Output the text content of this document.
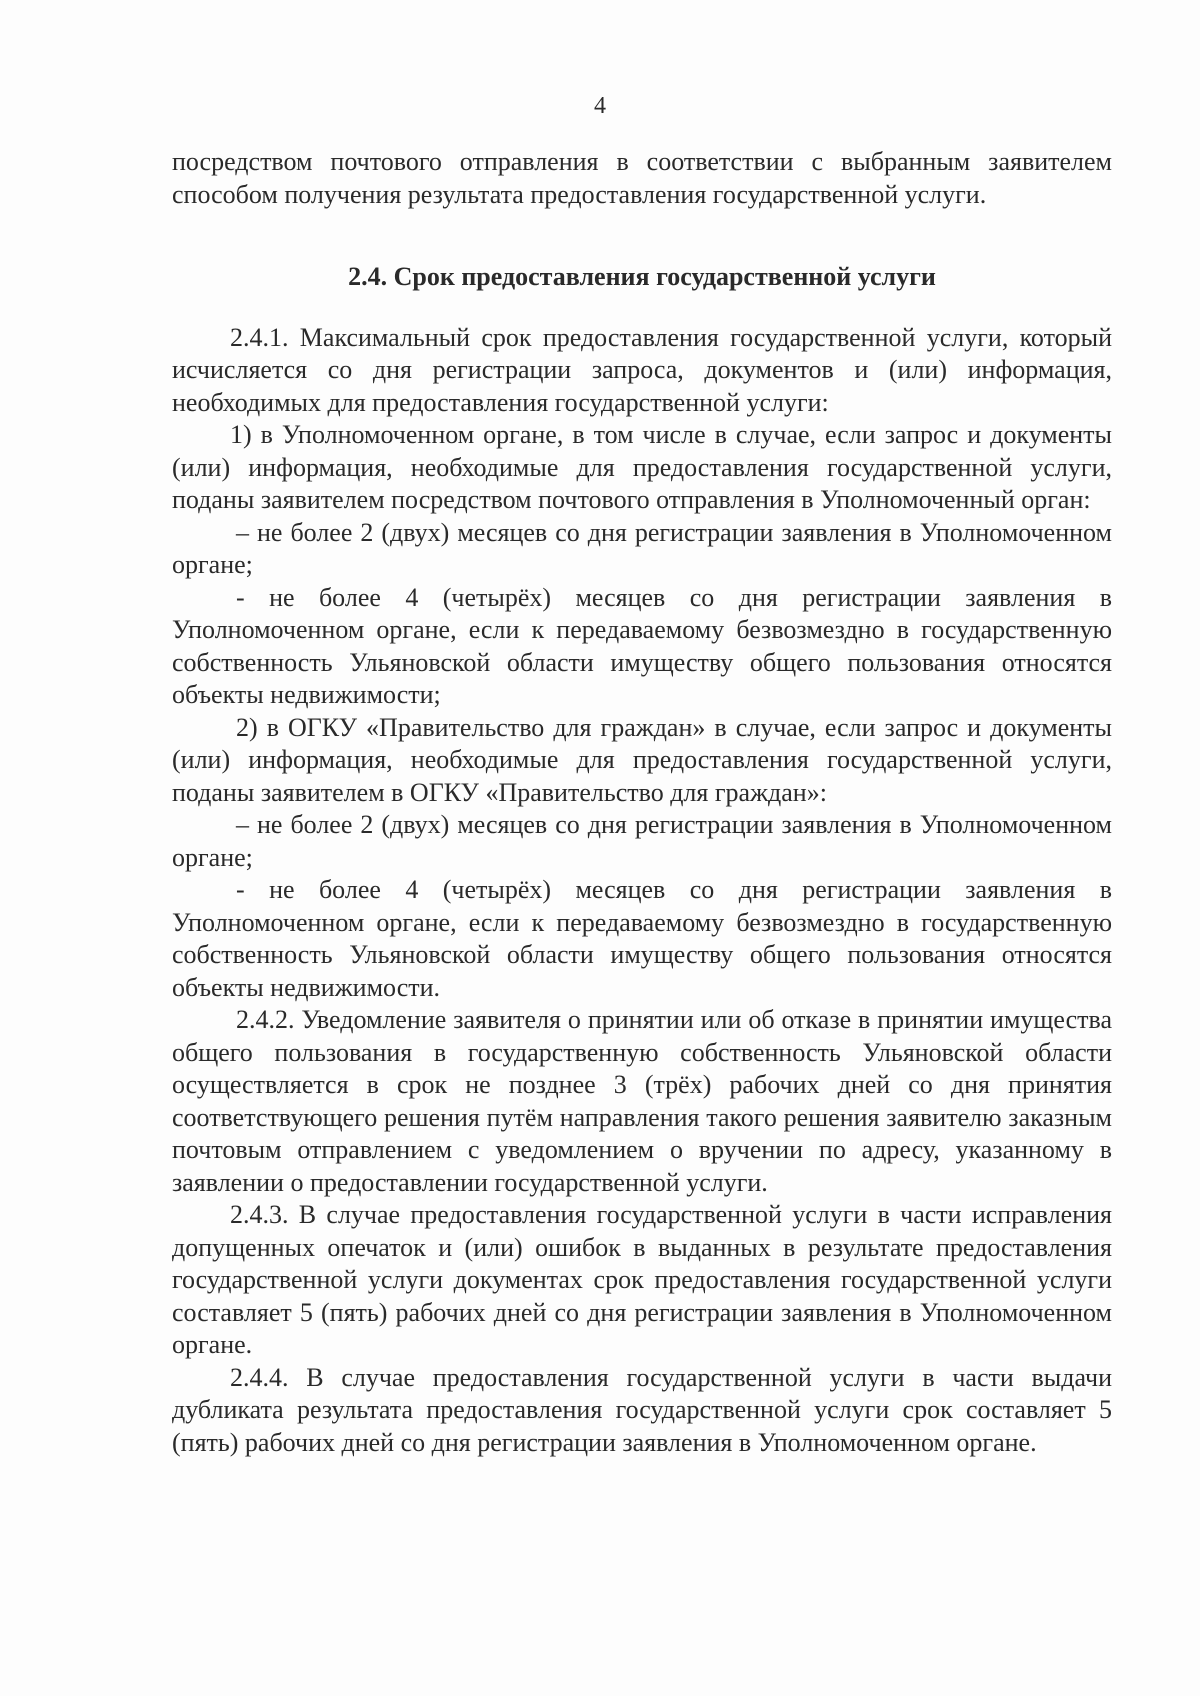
4

посредством почтового отправления в соответствии с выбранным заявителем способом получения результата предоставления государственной услуги.

2.4. Срок предоставления государственной услуги

2.4.1. Максимальный срок предоставления государственной услуги, который исчисляется со дня регистрации запроса, документов и (или) информация, необходимых для предоставления государственной услуги:

1) в Уполномоченном органе, в том числе в случае, если запрос и документы (или) информация, необходимые для предоставления государственной услуги, поданы заявителем посредством почтового отправления в Уполномоченный орган:

– не более 2 (двух) месяцев со дня регистрации заявления в Уполномоченном органе;

- не более 4 (четырёх) месяцев со дня регистрации заявления в Уполномоченном органе, если к передаваемому безвозмездно в государственную собственность Ульяновской области имуществу общего пользования относятся объекты недвижимости;

2) в ОГКУ «Правительство для граждан» в случае, если запрос и документы (или) информация, необходимые для предоставления государственной услуги, поданы заявителем в ОГКУ «Правительство для граждан»:

– не более 2 (двух) месяцев со дня регистрации заявления в Уполномоченном органе;

- не более 4 (четырёх) месяцев со дня регистрации заявления в Уполномоченном органе, если к передаваемому безвозмездно в государственную собственность Ульяновской области имуществу общего пользования относятся объекты недвижимости.

2.4.2. Уведомление заявителя о принятии или об отказе в принятии имущества общего пользования в государственную собственность Ульяновской области осуществляется в срок не позднее 3 (трёх) рабочих дней со дня принятия соответствующего решения путём направления такого решения заявителю заказным почтовым отправлением с уведомлением о вручении по адресу, указанному в заявлении о предоставлении государственной услуги.

2.4.3. В случае предоставления государственной услуги в части исправления допущенных опечаток и (или) ошибок в выданных в результате предоставления государственной услуги документах срок предоставления государственной услуги составляет 5 (пять) рабочих дней со дня регистрации заявления в Уполномоченном органе.

2.4.4. В случае предоставления государственной услуги в части выдачи дубликата результата предоставления государственной услуги срок составляет 5 (пять) рабочих дней со дня регистрации заявления в Уполномоченном органе.
